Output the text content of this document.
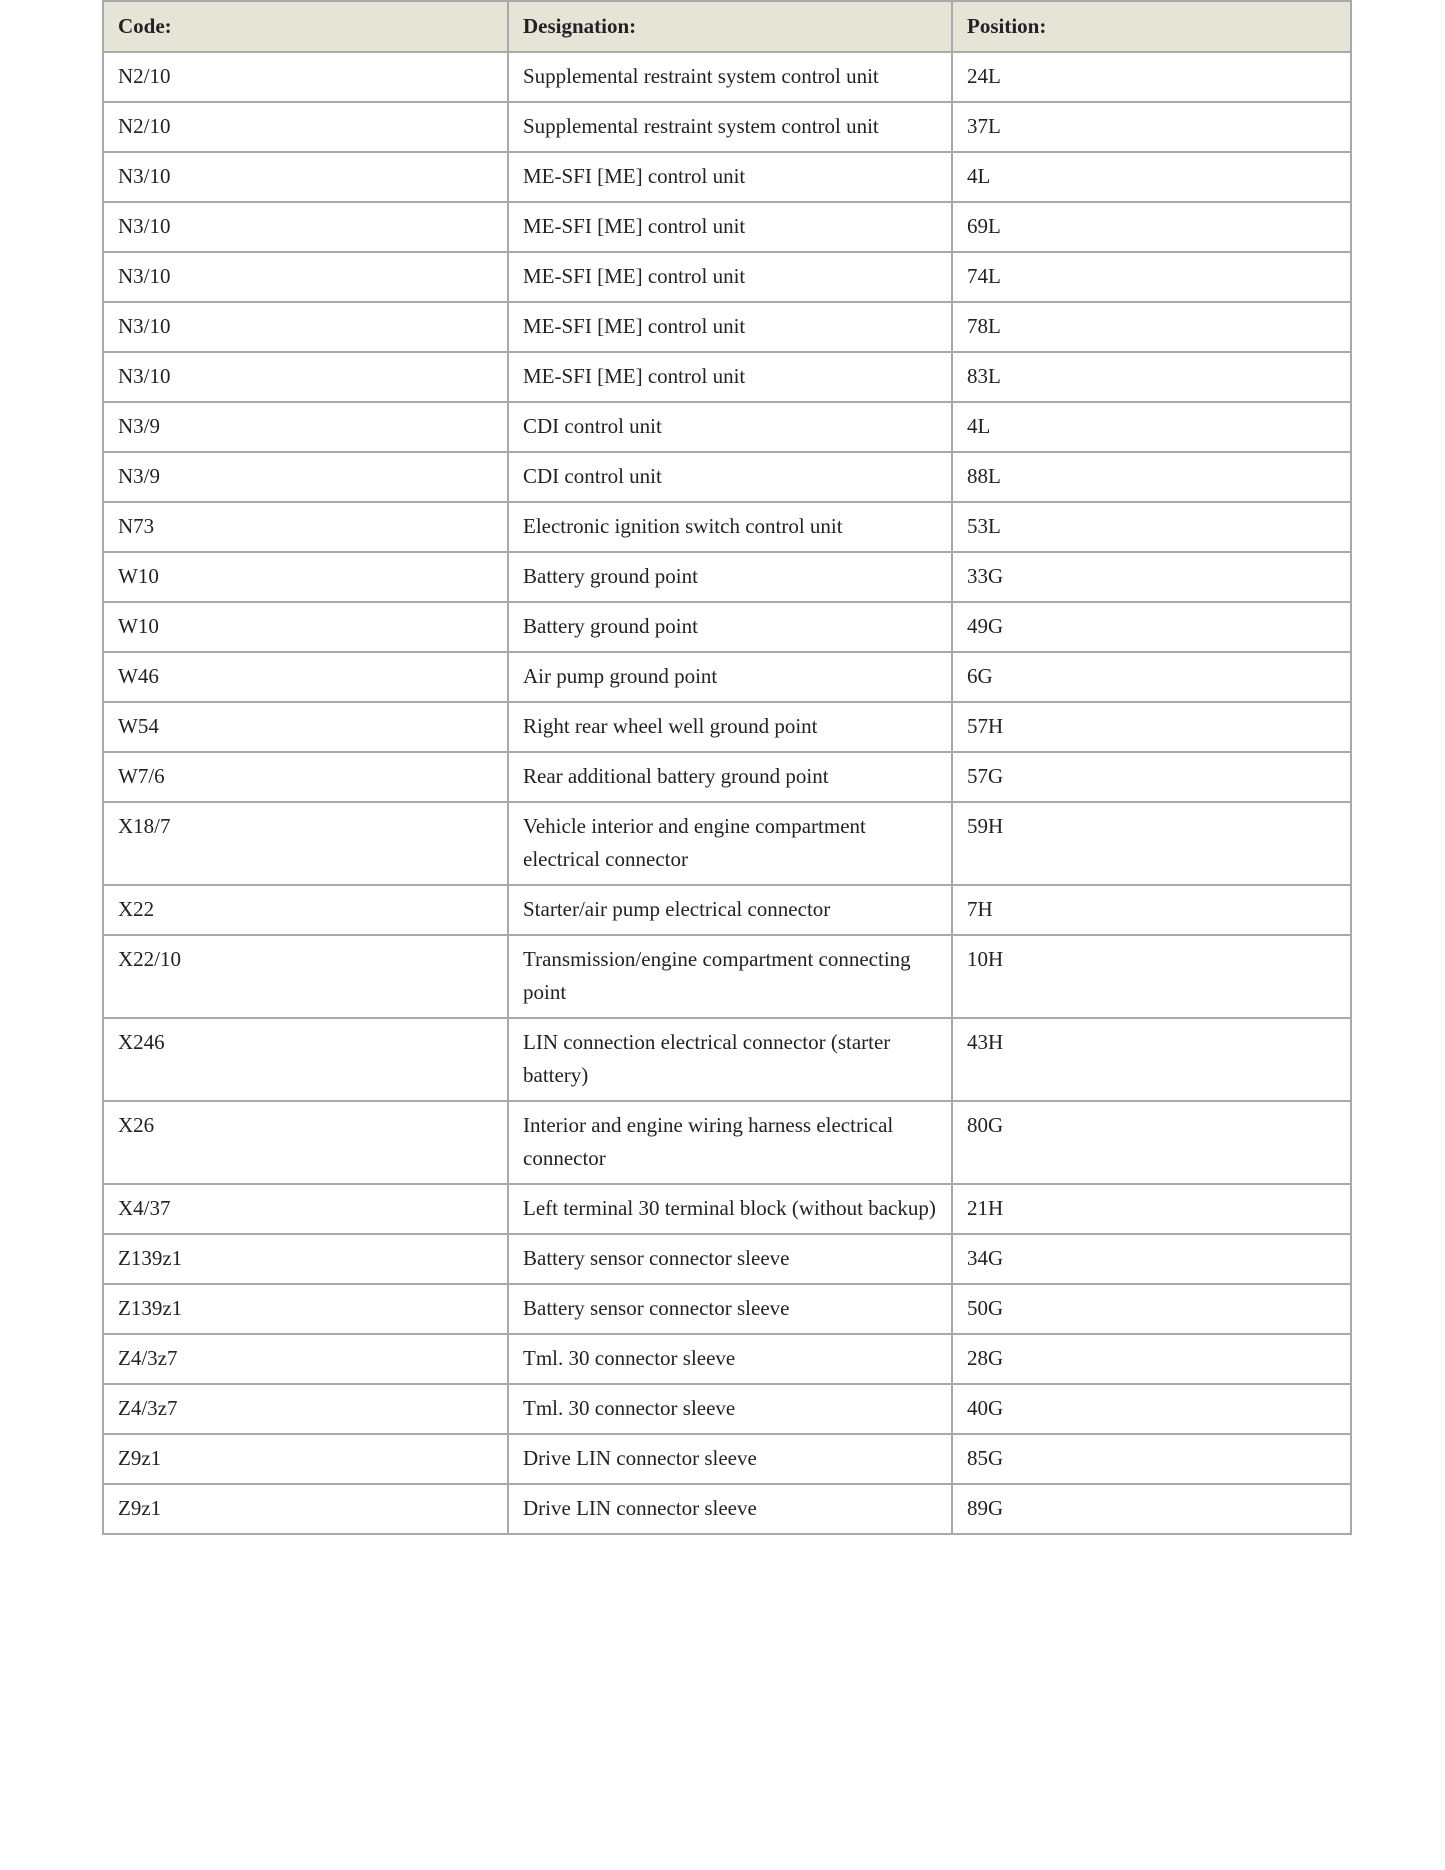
Code:	Designation:	Position:
N2/10	Supplemental restraint system control unit	24L
N2/10	Supplemental restraint system control unit	37L
N3/10	ME-SFI [ME] control unit	4L
N3/10	ME-SFI [ME] control unit	69L
N3/10	ME-SFI [ME] control unit	74L
N3/10	ME-SFI [ME] control unit	78L
N3/10	ME-SFI [ME] control unit	83L
N3/9	CDI control unit	4L
N3/9	CDI control unit	88L
N73	Electronic ignition switch control unit	53L
W10	Battery ground point	33G
W10	Battery ground point	49G
W46	Air pump ground point	6G
W54	Right rear wheel well ground point	57H
W7/6	Rear additional battery ground point	57G
X18/7	Vehicle interior and engine compartment electrical connector	59H
X22	Starter/air pump electrical connector	7H
X22/10	Transmission/engine compartment connecting point	10H
X246	LIN connection electrical connector (starter battery)	43H
X26	Interior and engine wiring harness electrical connector	80G
X4/37	Left terminal 30 terminal block (without backup)	21H
Z139z1	Battery sensor connector sleeve	34G
Z139z1	Battery sensor connector sleeve	50G
Z4/3z7	Tml. 30 connector sleeve	28G
Z4/3z7	Tml. 30 connector sleeve	40G
Z9z1	Drive LIN connector sleeve	85G
Z9z1	Drive LIN connector sleeve	89G
